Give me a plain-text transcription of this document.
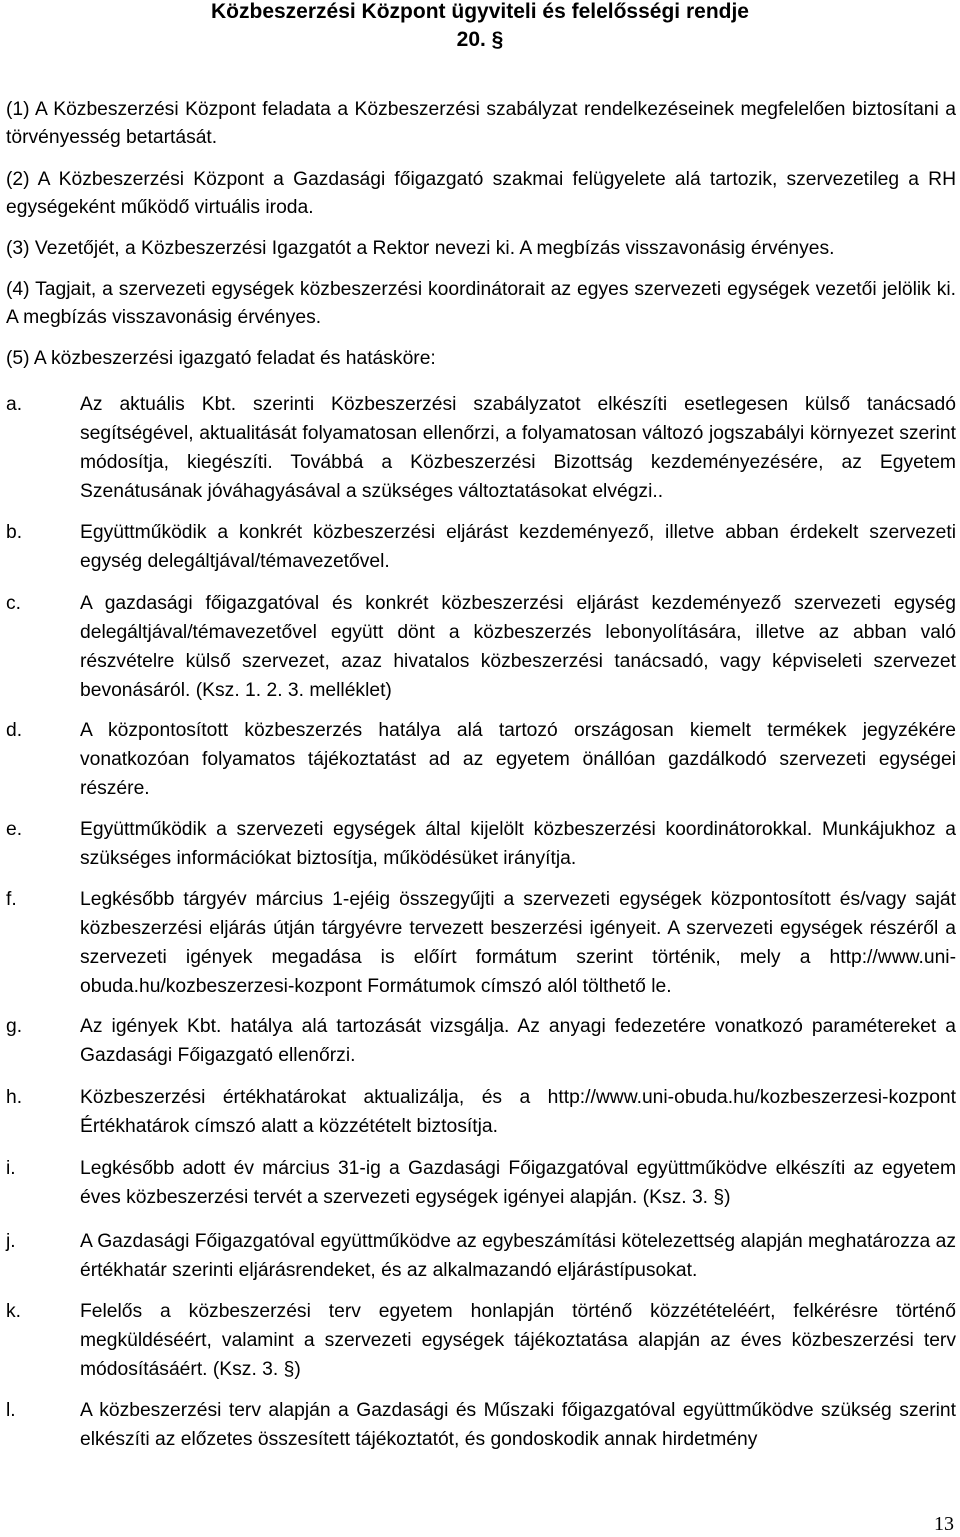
Közbeszerzési Központ ügyviteli és felelősségi rendje
20. §

(1) A Közbeszerzési Központ feladata a Közbeszerzési szabályzat rendelkezéseinek megfelelően biztosítani a törvényesség betartását.

(2) A Közbeszerzési Központ a Gazdasági főigazgató szakmai felügyelete alá tartozik, szervezetileg a RH egységeként működő virtuális iroda.

(3) Vezetőjét, a Közbeszerzési Igazgatót a Rektor nevezi ki. A megbízás visszavonásig érvényes.

(4) Tagjait, a szervezeti egységek közbeszerzési koordinátorait az egyes szervezeti egységek vezetői jelölik ki. A megbízás visszavonásig érvényes.

(5) A közbeszerzési igazgató feladat és hatásköre:

a.	Az aktuális Kbt. szerinti Közbeszerzési szabályzatot elkészíti esetlegesen külső tanácsadó segítségével, aktualitását folyamatosan ellenőrzi, a folyamatosan változó jogszabályi környezet szerint módosítja, kiegészíti. Továbbá a Közbeszerzési Bizottság kezdeményezésére, az Egyetem Szenátusának jóváhagyásával a szükséges változtatásokat elvégzi..
b.	Együttműködik a konkrét közbeszerzési eljárást kezdeményező, illetve abban érdekelt szervezeti egység delegáltjával/témavezetővel.
c.	A gazdasági főigazgatóval és konkrét közbeszerzési eljárást kezdeményező szervezeti egység delegáltjával/témavezetővel együtt dönt a közbeszerzés lebonyolítására, illetve az abban való részvételre külső szervezet, azaz hivatalos közbeszerzési tanácsadó, vagy képviseleti szervezet bevonásáról. (Ksz. 1. 2. 3. melléklet)
d.	A központosított közbeszerzés hatálya alá tartozó országosan kiemelt termékek jegyzékére vonatkozóan folyamatos tájékoztatást ad az egyetem önállóan gazdálkodó szervezeti egységei részére.
e.	Együttműködik a szervezeti egységek által kijelölt közbeszerzési koordinátorokkal. Munkájukhoz a szükséges információkat biztosítja, működésüket irányítja.
f.	Legkésőbb tárgyév március 1-ejéig összegyűjti a szervezeti egységek központosított és/vagy saját közbeszerzési eljárás útján tárgyévre tervezett beszerzési igényeit. A szervezeti egységek részéről a szervezeti igények megadása is előírt formátum szerint történik, mely a http://www.uni-obuda.hu/kozbeszerzesi-kozpont Formátumok címszó alól tölthető le.
g.	Az igények Kbt. hatálya alá tartozását vizsgálja. Az anyagi fedezetére vonatkozó paramétereket a Gazdasági Főigazgató ellenőrzi.
h.	Közbeszerzési értékhatárokat aktualizálja, és a http://www.uni-obuda.hu/kozbeszerzesi-kozpont Értékhatárok címszó alatt a közzétételt biztosítja.
i.	Legkésőbb adott év március 31-ig a Gazdasági Főigazgatóval együttműködve elkészíti az egyetem éves közbeszerzési tervét a szervezeti egységek igényei alapján. (Ksz. 3. §)
j.	A Gazdasági Főigazgatóval együttműködve az egybeszámítási kötelezettség alapján meghatározza az értékhatár szerinti eljárásrendeket, és az alkalmazandó eljárástípusokat.
k.	Felelős a közbeszerzési terv egyetem honlapján történő közzétételéért, felkérésre történő megküldéséért, valamint a szervezeti egységek tájékoztatása alapján az éves közbeszerzési terv módosításáért. (Ksz. 3. §)
l.	A közbeszerzési terv alapján a Gazdasági és Műszaki főigazgatóval együttműködve szükség szerint elkészíti az előzetes összesített tájékoztatót, és gondoskodik annak hirdetmény
13
